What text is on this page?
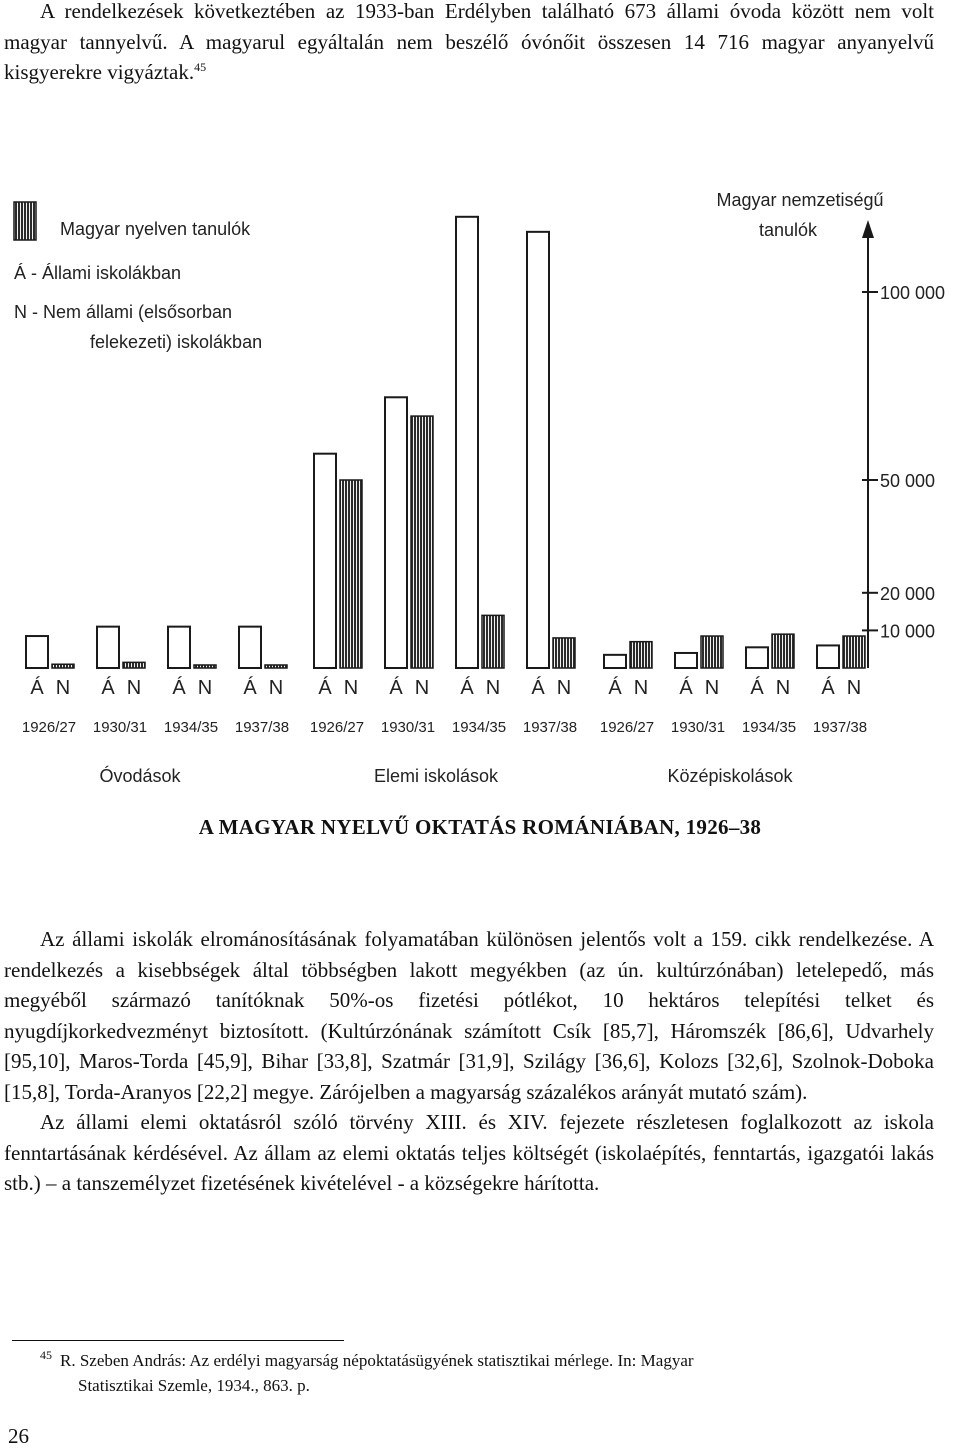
A rendelkezések következtében az 1933-ban Erdélyben található 673 állami óvoda között nem volt magyar tannyelvű. A magyarul egyáltalán nem beszélő óvónőit összesen 14 716 magyar anyanyelvű kisgyerekre vigyáztak.$^{45}$

Magyar nyelven tanulók
Á - Állami iskolákban
N - Nem állami (elsősorban
felekezeti) iskolákban
Magyar nemzetiségű
tanulók
100 000
50 000
20 000
10 000
Á N Á N Á N Á N Á N Á N Á N Á N Á N Á N Á N Á N
1926/27 1930/31 1934/35 1937/38 1926/27 1930/31 1934/35 1937/38 1926/27 1930/31 1934/35 1937/38
Óvodások	Elemi iskolások	Középiskolások

A MAGYAR NYELVŰ OKTATÁS ROMÁNIÁBAN, 1926–38

Az állami iskolák elrománosításának folyamatában különösen jelentős volt a 159. cikk rendelkezése. A rendelkezés a kisebbségek által többségben lakott megyékben (az ún. kultúrzónában) letelepedő, más megyéből származó tanítóknak 50%-os fizetési pótlékot, 10 hektáros telepítési telket és nyugdíjkorkedvezményt biztosított. (Kultúrzónának számított Csík [85,7], Háromszék [86,6], Udvarhely [95,10], Maros-Torda [45,9], Bihar [33,8], Szatmár [31,9], Szilágy [36,6], Kolozs [32,6], Szolnok-Doboka [15,8], Torda-Aranyos [22,2] megye. Zárójelben a magyarság százalékos arányát mutató szám).

Az állami elemi oktatásról szóló törvény XIII. és XIV. fejezete részletesen foglalkozott az iskola fenntartásának kérdésével. Az állam az elemi oktatás teljes költségét (iskolaépítés, fenntartás, igazgatói lakás stb.) – a tanszemélyzet fizetésének kivételével - a községekre hárította.

$^{45}$ R. Szeben András: Az erdélyi magyarság népoktatásügyének statisztikai mérlege. In: Magyar
Statisztikai Szemle, 1934., 863. p.
26
